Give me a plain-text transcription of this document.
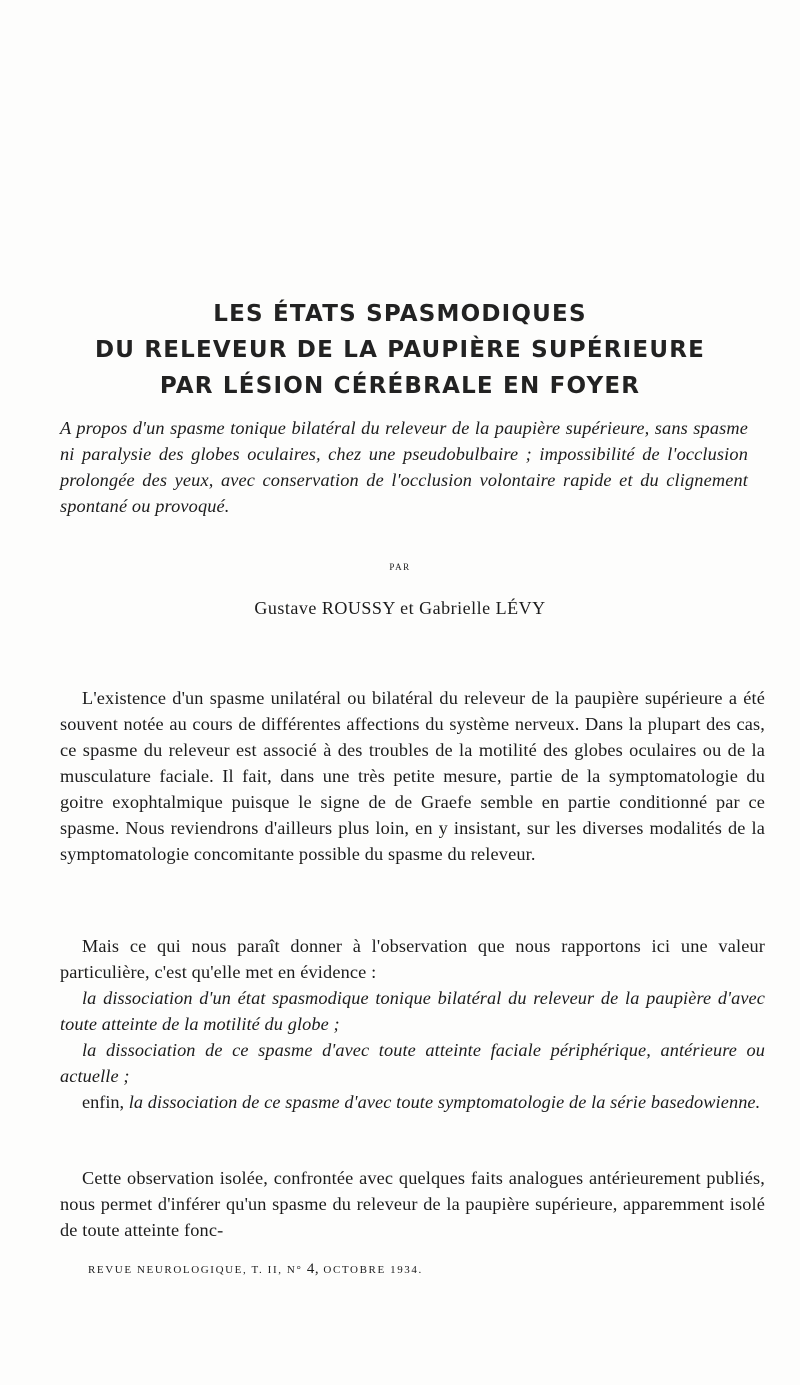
LES ÉTATS SPASMODIQUES
DU RELEVEUR DE LA PAUPIÈRE SUPÉRIEURE
PAR LÉSION CÉRÉBRALE EN FOYER
A propos d'un spasme tonique bilatéral du releveur de la paupière supérieure, sans spasme ni paralysie des globes oculaires, chez une pseudobulbaire ; impossibilité de l'occlusion prolongée des yeux, avec conservation de l'occlusion volontaire rapide et du clignement spontané ou provoqué.
PAR
Gustave ROUSSY et Gabrielle LÉVY

L'existence d'un spasme unilatéral ou bilatéral du releveur de la paupière supérieure a été souvent notée au cours de différentes affections du système nerveux. Dans la plupart des cas, ce spasme du releveur est associé à des troubles de la motilité des globes oculaires ou de la musculature faciale. Il fait, dans une très petite mesure, partie de la symptomatologie du goitre exophtalmique puisque le signe de de Graefe semble en partie conditionné par ce spasme. Nous reviendrons d'ailleurs plus loin, en y insistant, sur les diverses modalités de la symptomatologie concomitante possible du spasme du releveur.

Mais ce qui nous paraît donner à l'observation que nous rapportons ici une valeur particulière, c'est qu'elle met en évidence :

la dissociation d'un état spasmodique tonique bilatéral du releveur de la paupière d'avec toute atteinte de la motilité du globe ;

la dissociation de ce spasme d'avec toute atteinte faciale périphérique, antérieure ou actuelle ;

enfin, la dissociation de ce spasme d'avec toute symptomatologie de la série basedowienne.

Cette observation isolée, confrontée avec quelques faits analogues antérieurement publiés, nous permet d'inférer qu'un spasme du releveur de la paupière supérieure, apparemment isolé de toute atteinte fonc-

REVUE NEUROLOGIQUE, T. II, N° 4, OCTOBRE 1934.
